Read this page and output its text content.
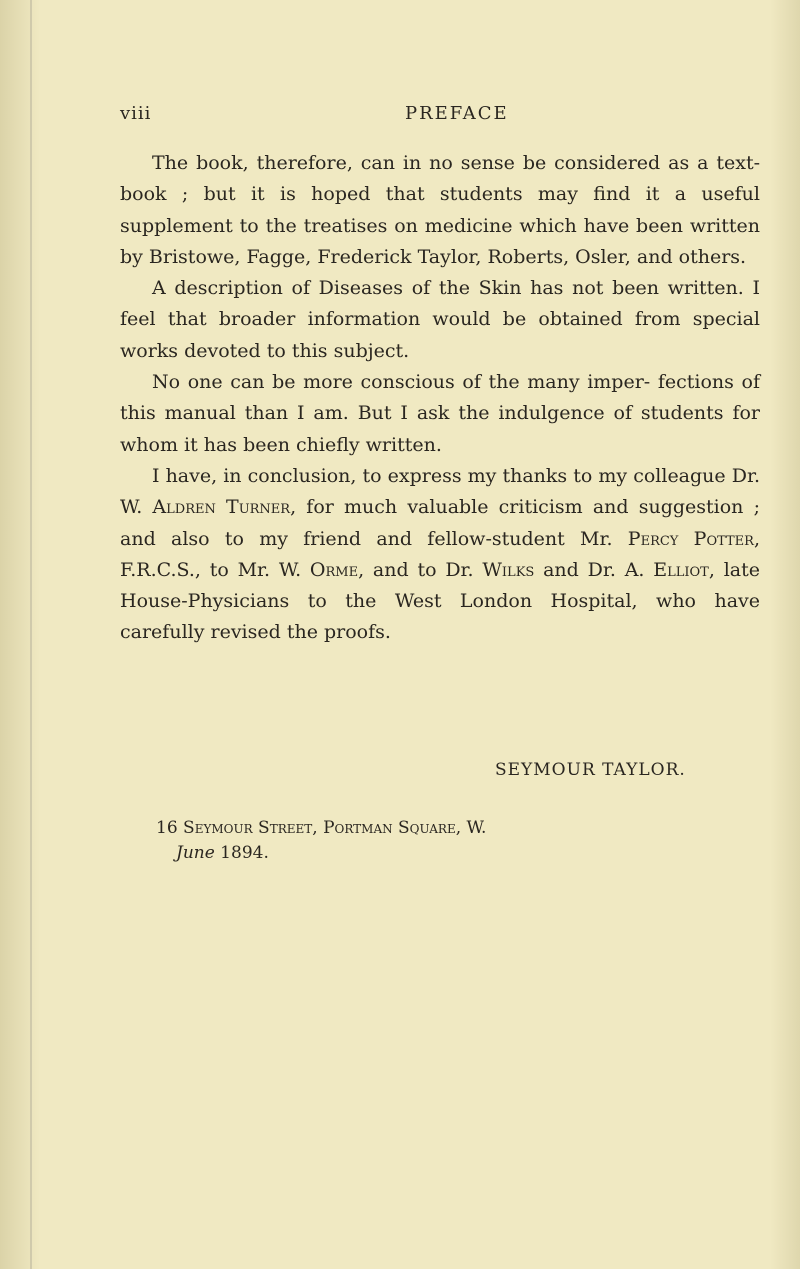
viii	PREFACE

The book, therefore, can in no sense be considered as a text-book ; but it is hoped that students may find it a useful supplement to the treatises on medicine which have been written by Bristowe, Fagge, Frederick Taylor, Roberts, Osler, and others.

A description of Diseases of the Skin has not been written. I feel that broader information would be obtained from special works devoted to this subject.

No one can be more conscious of the many imper- fections of this manual than I am. But I ask the indulgence of students for whom it has been chiefly written.

I have, in conclusion, to express my thanks to my colleague Dr. W. Aldren Turner, for much valuable criticism and suggestion ; and also to my friend and fellow-student Mr. Percy Potter, F.R.C.S., to Mr. W. Orme, and to Dr. Wilks and Dr. A. Elliot, late House-Physicians to the West London Hospital, who have carefully revised the proofs.

SEYMOUR TAYLOR.
16 Seymour Street, Portman Square, W.
June 1894.
